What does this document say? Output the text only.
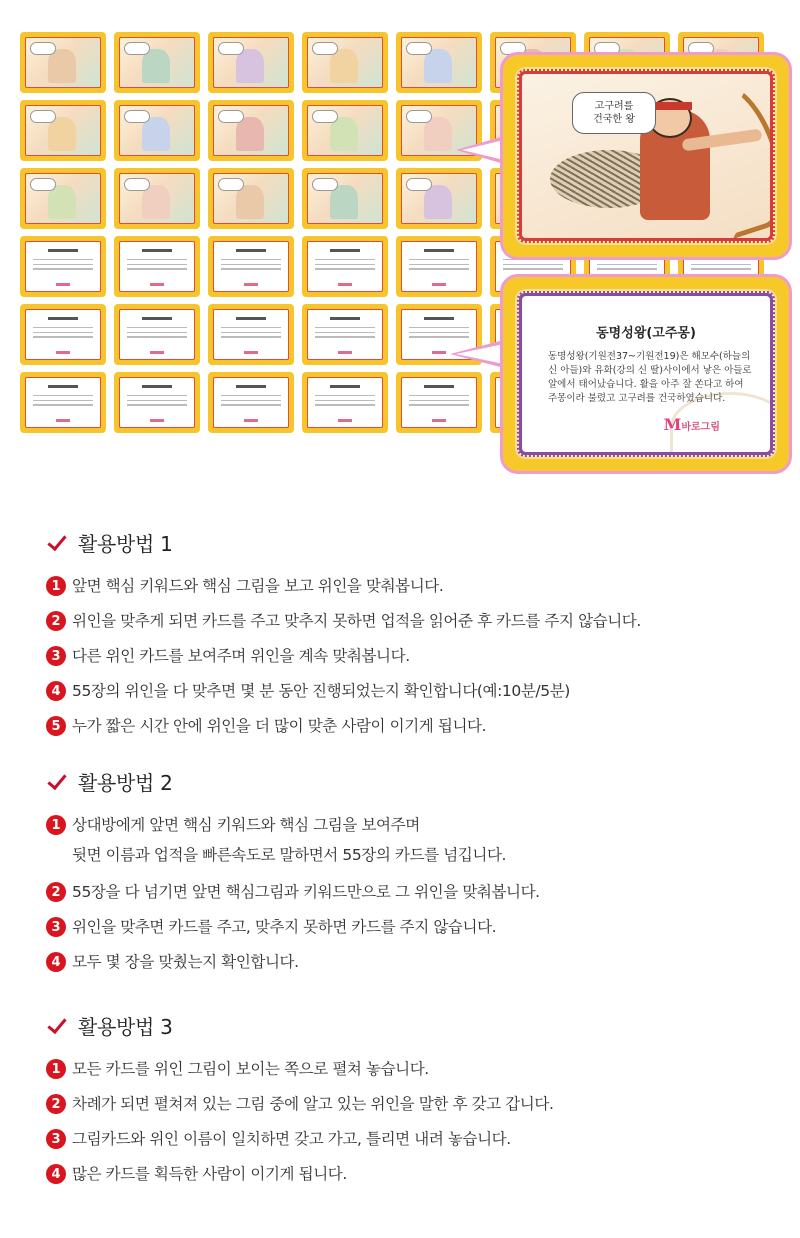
고구려를
건국한 왕
동명성왕(고주몽)
동명성왕(기원전37~기원전19)은 해모수(하늘의 신 아들)와 유화(강의 신 딸)사이에서 낳은 아들로 알에서 태어났습니다. 활을 아주 잘 쏜다고 하여 주몽이라 불렸고 고구려를 건국하였습니다.
M바로그림
활용방법 1
1 앞면 핵심 키워드와 핵심 그림을 보고 위인을 맞춰봅니다.
2 위인을 맞추게 되면 카드를 주고 맞추지 못하면 업적을 읽어준 후 카드를 주지 않습니다.
3 다른 위인 카드를 보여주며 위인을 계속 맞춰봅니다.
4 55장의 위인을 다 맞추면 몇 분 동안 진행되었는지 확인합니다(예:10분/5분)
5 누가 짧은 시간 안에 위인을 더 많이 맞춘 사람이 이기게 됩니다.
활용방법 2
1 상대방에게 앞면 핵심 키워드와 핵심 그림을 보여주며
뒷면 이름과 업적을 빠른속도로 말하면서 55장의 카드를 넘깁니다.
2 55장을 다 넘기면 앞면 핵심그림과 키워드만으로 그 위인을 맞춰봅니다.
3 위인을 맞추면 카드를 주고, 맞추지 못하면 카드를 주지 않습니다.
4 모두 몇 장을 맞췄는지 확인합니다.
활용방법 3
1 모든 카드를 위인 그림이 보이는 쪽으로 펼쳐 놓습니다.
2 차례가 되면 펼쳐져 있는 그림 중에 알고 있는 위인을 말한 후 갖고 갑니다.
3 그림카드와 위인 이름이 일치하면 갖고 가고, 틀리면 내려 놓습니다.
4 많은 카드를 획득한 사람이 이기게 됩니다.
